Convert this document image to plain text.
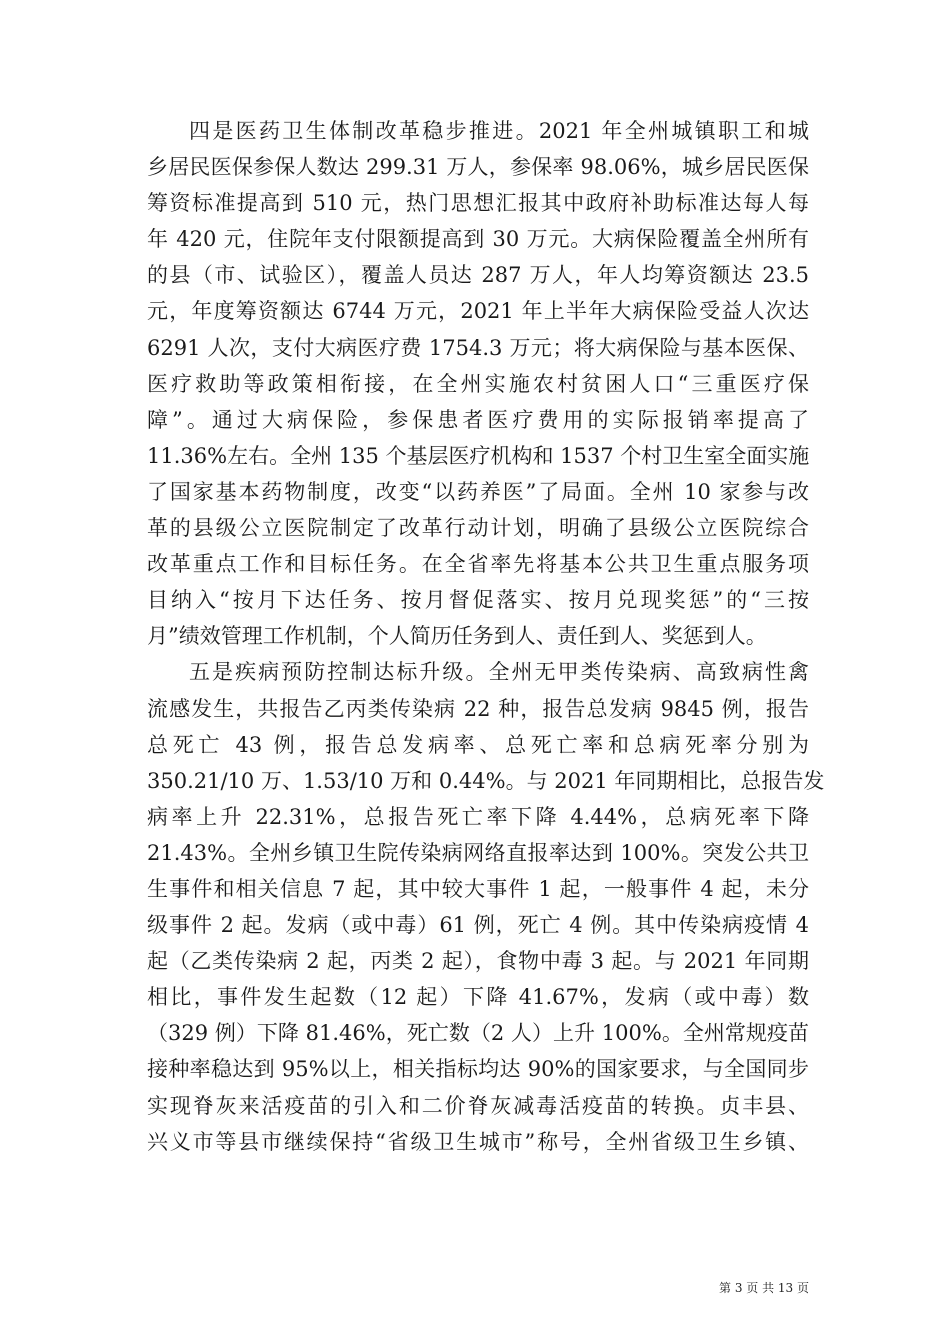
四是医药卫生体制改革稳步推进。2021 年全州城镇职工和城
乡居民医保参保人数达 299.31 万人，参保率 98.06%，城乡居民医保
筹资标准提高到 510 元，热门思想汇报其中政府补助标准达每人每
年 420 元，住院年支付限额提高到 30 万元。大病保险覆盖全州所有
的县（市、试验区），覆盖人员达 287 万人，年人均筹资额达 23.5
元，年度筹资额达 6744 万元，2021 年上半年大病保险受益人次达
6291 人次，支付大病医疗费 1754.3 万元；将大病保险与基本医保、
医疗救助等政策相衔接，在全州实施农村贫困人口“三重医疗保
障”。通过大病保险，参保患者医疗费用的实际报销率提高了
11.36%左右。全州 135 个基层医疗机构和 1537 个村卫生室全面实施
了国家基本药物制度，改变“以药养医”了局面。全州 10 家参与改
革的县级公立医院制定了改革行动计划，明确了县级公立医院综合
改革重点工作和目标任务。在全省率先将基本公共卫生重点服务项
目纳入“按月下达任务、按月督促落实、按月兑现奖惩”的“三按
月”绩效管理工作机制，个人简历任务到人、责任到人、奖惩到人。
五是疾病预防控制达标升级。全州无甲类传染病、高致病性禽
流感发生，共报告乙丙类传染病 22 种，报告总发病 9845 例，报告
总死亡 43 例，报告总发病率、总死亡率和总病死率分别为
350.21/10 万、1.53/10 万和 0.44%。与 2021 年同期相比，总报告发
病率上升 22.31%，总报告死亡率下降 4.44%，总病死率下降
21.43%。全州乡镇卫生院传染病网络直报率达到 100%。突发公共卫
生事件和相关信息 7 起，其中较大事件 1 起，一般事件 4 起，未分
级事件 2 起。发病（或中毒）61 例，死亡 4 例。其中传染病疫情 4
起（乙类传染病 2 起，丙类 2 起），食物中毒 3 起。与 2021 年同期
相比，事件发生起数（12 起）下降 41.67%，发病（或中毒）数
（329 例）下降 81.46%，死亡数（2 人）上升 100%。全州常规疫苗
接种率稳达到 95%以上，相关指标均达 90%的国家要求，与全国同步
实现脊灰来活疫苗的引入和二价脊灰减毒活疫苗的转换。贞丰县、
兴义市等县市继续保持“省级卫生城市”称号，全州省级卫生乡镇、
第 3 页 共 13 页
